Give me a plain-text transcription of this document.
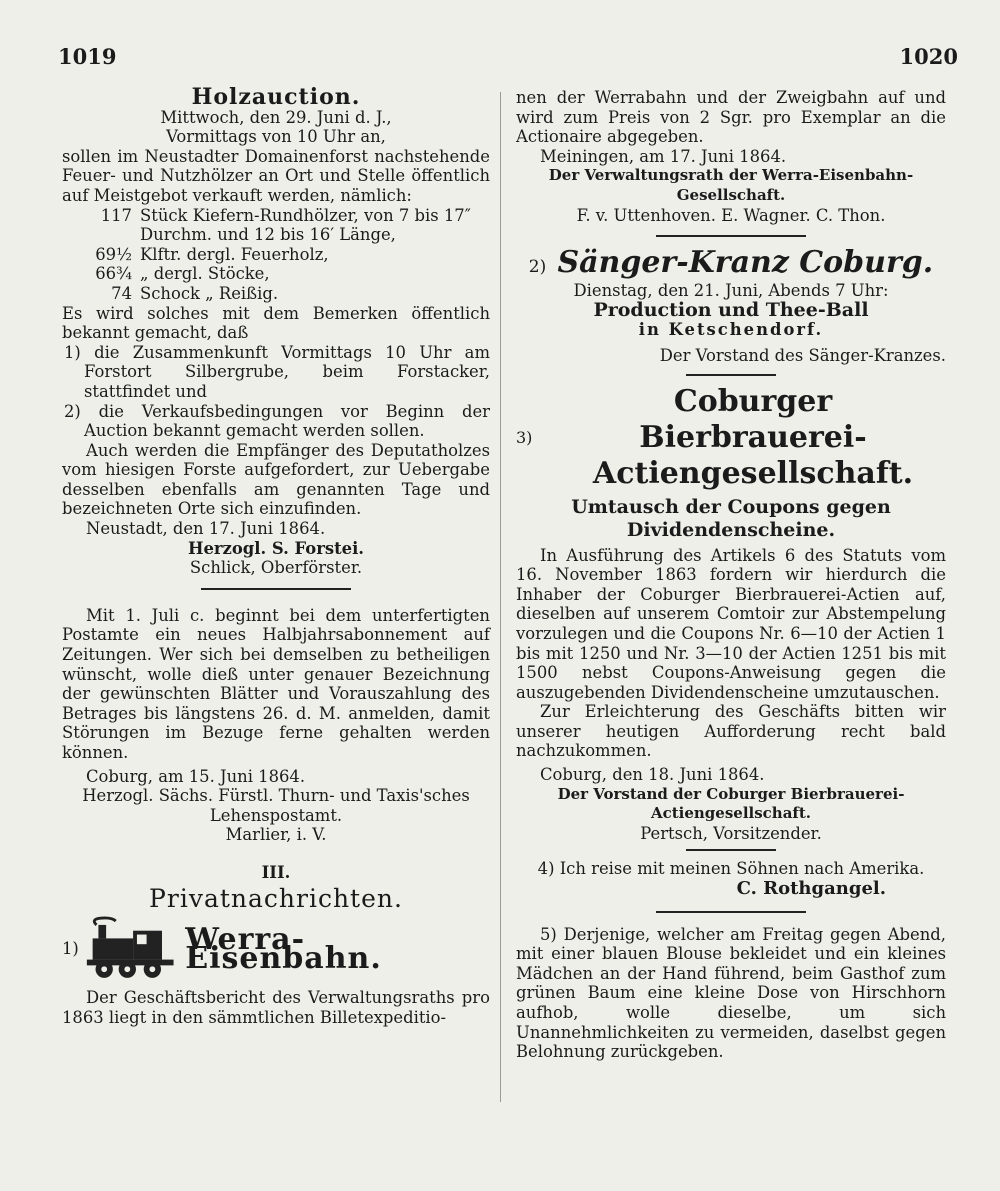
1019	1020
Holzauction.
Mittwoch, den 29. Juni d. J.,
Vormittags von 10 Uhr an,
sollen im Neustadter Domainenforst nachstehende Feuer- und Nutzhölzer an Ort und Stelle öffentlich auf Meistgebot verkauft werden, nämlich:
117 Stück Kiefern-Rundhölzer, von 7 bis 17″ Durchm. und 12 bis 16′ Länge,
69½ Klftr. dergl. Feuerholz,
66¾ „ dergl. Stöcke,
74 Schock „ Reißig.
Es wird solches mit dem Bemerken öffentlich bekannt gemacht, daß
1) die Zusammenkunft Vormittags 10 Uhr am Forstort Silbergrube, beim Forstacker, stattfindet und
2) die Verkaufsbedingungen vor Beginn der Auction bekannt gemacht werden sollen.
Auch werden die Empfänger des Deputatholzes vom hiesigen Forste aufgefordert, zur Uebergabe desselben ebenfalls am genannten Tage und bezeichneten Orte sich einzufinden.
Neustadt, den 17. Juni 1864.
Herzogl. S. Forstei.
Schlick, Oberförster.
Mit 1. Juli c. beginnt bei dem unterfertigten Postamte ein neues Halbjahrsabonnement auf Zeitungen. Wer sich bei demselben zu betheiligen wünscht, wolle dieß unter genauer Bezeichnung der gewünschten Blätter und Vorauszahlung des Betrages bis längstens 26. d. M. anmelden, damit Störungen im Bezuge ferne gehalten werden können.
Coburg, am 15. Juni 1864.
Herzogl. Sächs. Fürstl. Thurn- und Taxis'sches Lehenspostamt.
Marlier, i. V.
III.
Privatnachrichten.
1)	Werra-Eisenbahn.
Der Geschäftsbericht des Verwaltungsraths pro 1863 liegt in den sämmtlichen Billetexpeditio-
nen der Werrabahn und der Zweigbahn auf und wird zum Preis von 2 Sgr. pro Exemplar an die Actionaire abgegeben.
Meiningen, am 17. Juni 1864.
Der Verwaltungsrath der Werra-Eisenbahn-Gesellschaft.
F. v. Uttenhoven. E. Wagner. C. Thon.
2) Sänger-Kranz Coburg.
Dienstag, den 21. Juni, Abends 7 Uhr:
Production und Thee-Ball
in Ketschendorf.
Der Vorstand des Sänger-Kranzes.
3)
Coburger Bierbrauerei-
Actiengesellschaft.
Umtausch der Coupons gegen Dividendenscheine.
In Ausführung des Artikels 6 des Statuts vom 16. November 1863 fordern wir hierdurch die Inhaber der Coburger Bierbrauerei-Actien auf, dieselben auf unserem Comtoir zur Abstempelung vorzulegen und die Coupons Nr. 6—10 der Actien 1 bis mit 1250 und Nr. 3—10 der Actien 1251 bis mit 1500 nebst Coupons-Anweisung gegen die auszugebenden Dividendenscheine umzutauschen.
Zur Erleichterung des Geschäfts bitten wir unserer heutigen Aufforderung recht bald nachzukommen.
Coburg, den 18. Juni 1864.
Der Vorstand der Coburger Bierbrauerei-Actiengesellschaft.
Pertsch, Vorsitzender.
4) Ich reise mit meinen Söhnen nach Amerika.
C. Rothgangel.
5) Derjenige, welcher am Freitag gegen Abend, mit einer blauen Blouse bekleidet und ein kleines Mädchen an der Hand führend, beim Gasthof zum grünen Baum eine kleine Dose von Hirschhorn aufhob, wolle dieselbe, um sich Unannehmlichkeiten zu vermeiden, daselbst gegen Belohnung zurückgeben.
